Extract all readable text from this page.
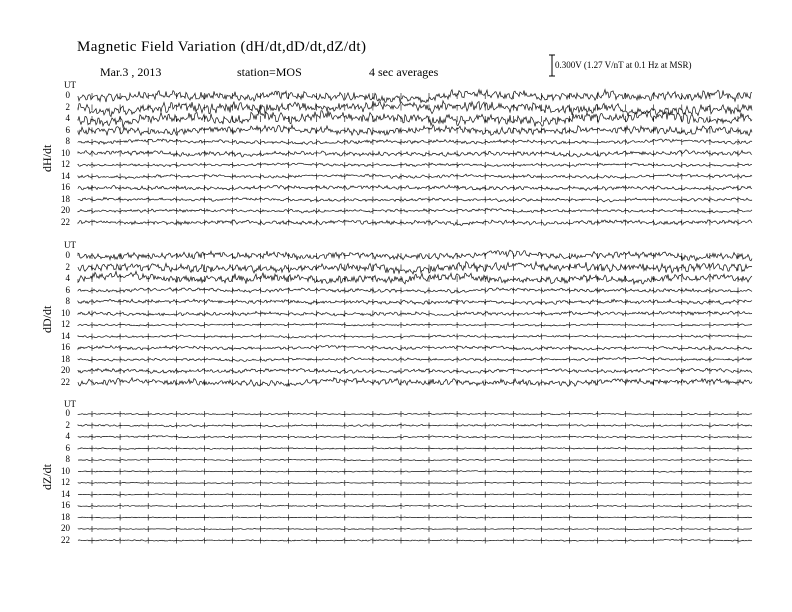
Magnetic Field Variation (dH/dt,dD/dt,dZ/dt)
Mar.3 , 2013	station=MOS	4 sec averages	0.300V (1.27 V/nT at 0.1 Hz at MSR)
UT
dH/dt
0
2
4
6
8
10
12
14
16
18
20
22
UT
dD/dt
0
2
4
6
8
10
12
14
16
18
20
22
UT
dZ/dt
0
2
4
6
8
10
12
14
16
18
20
22
